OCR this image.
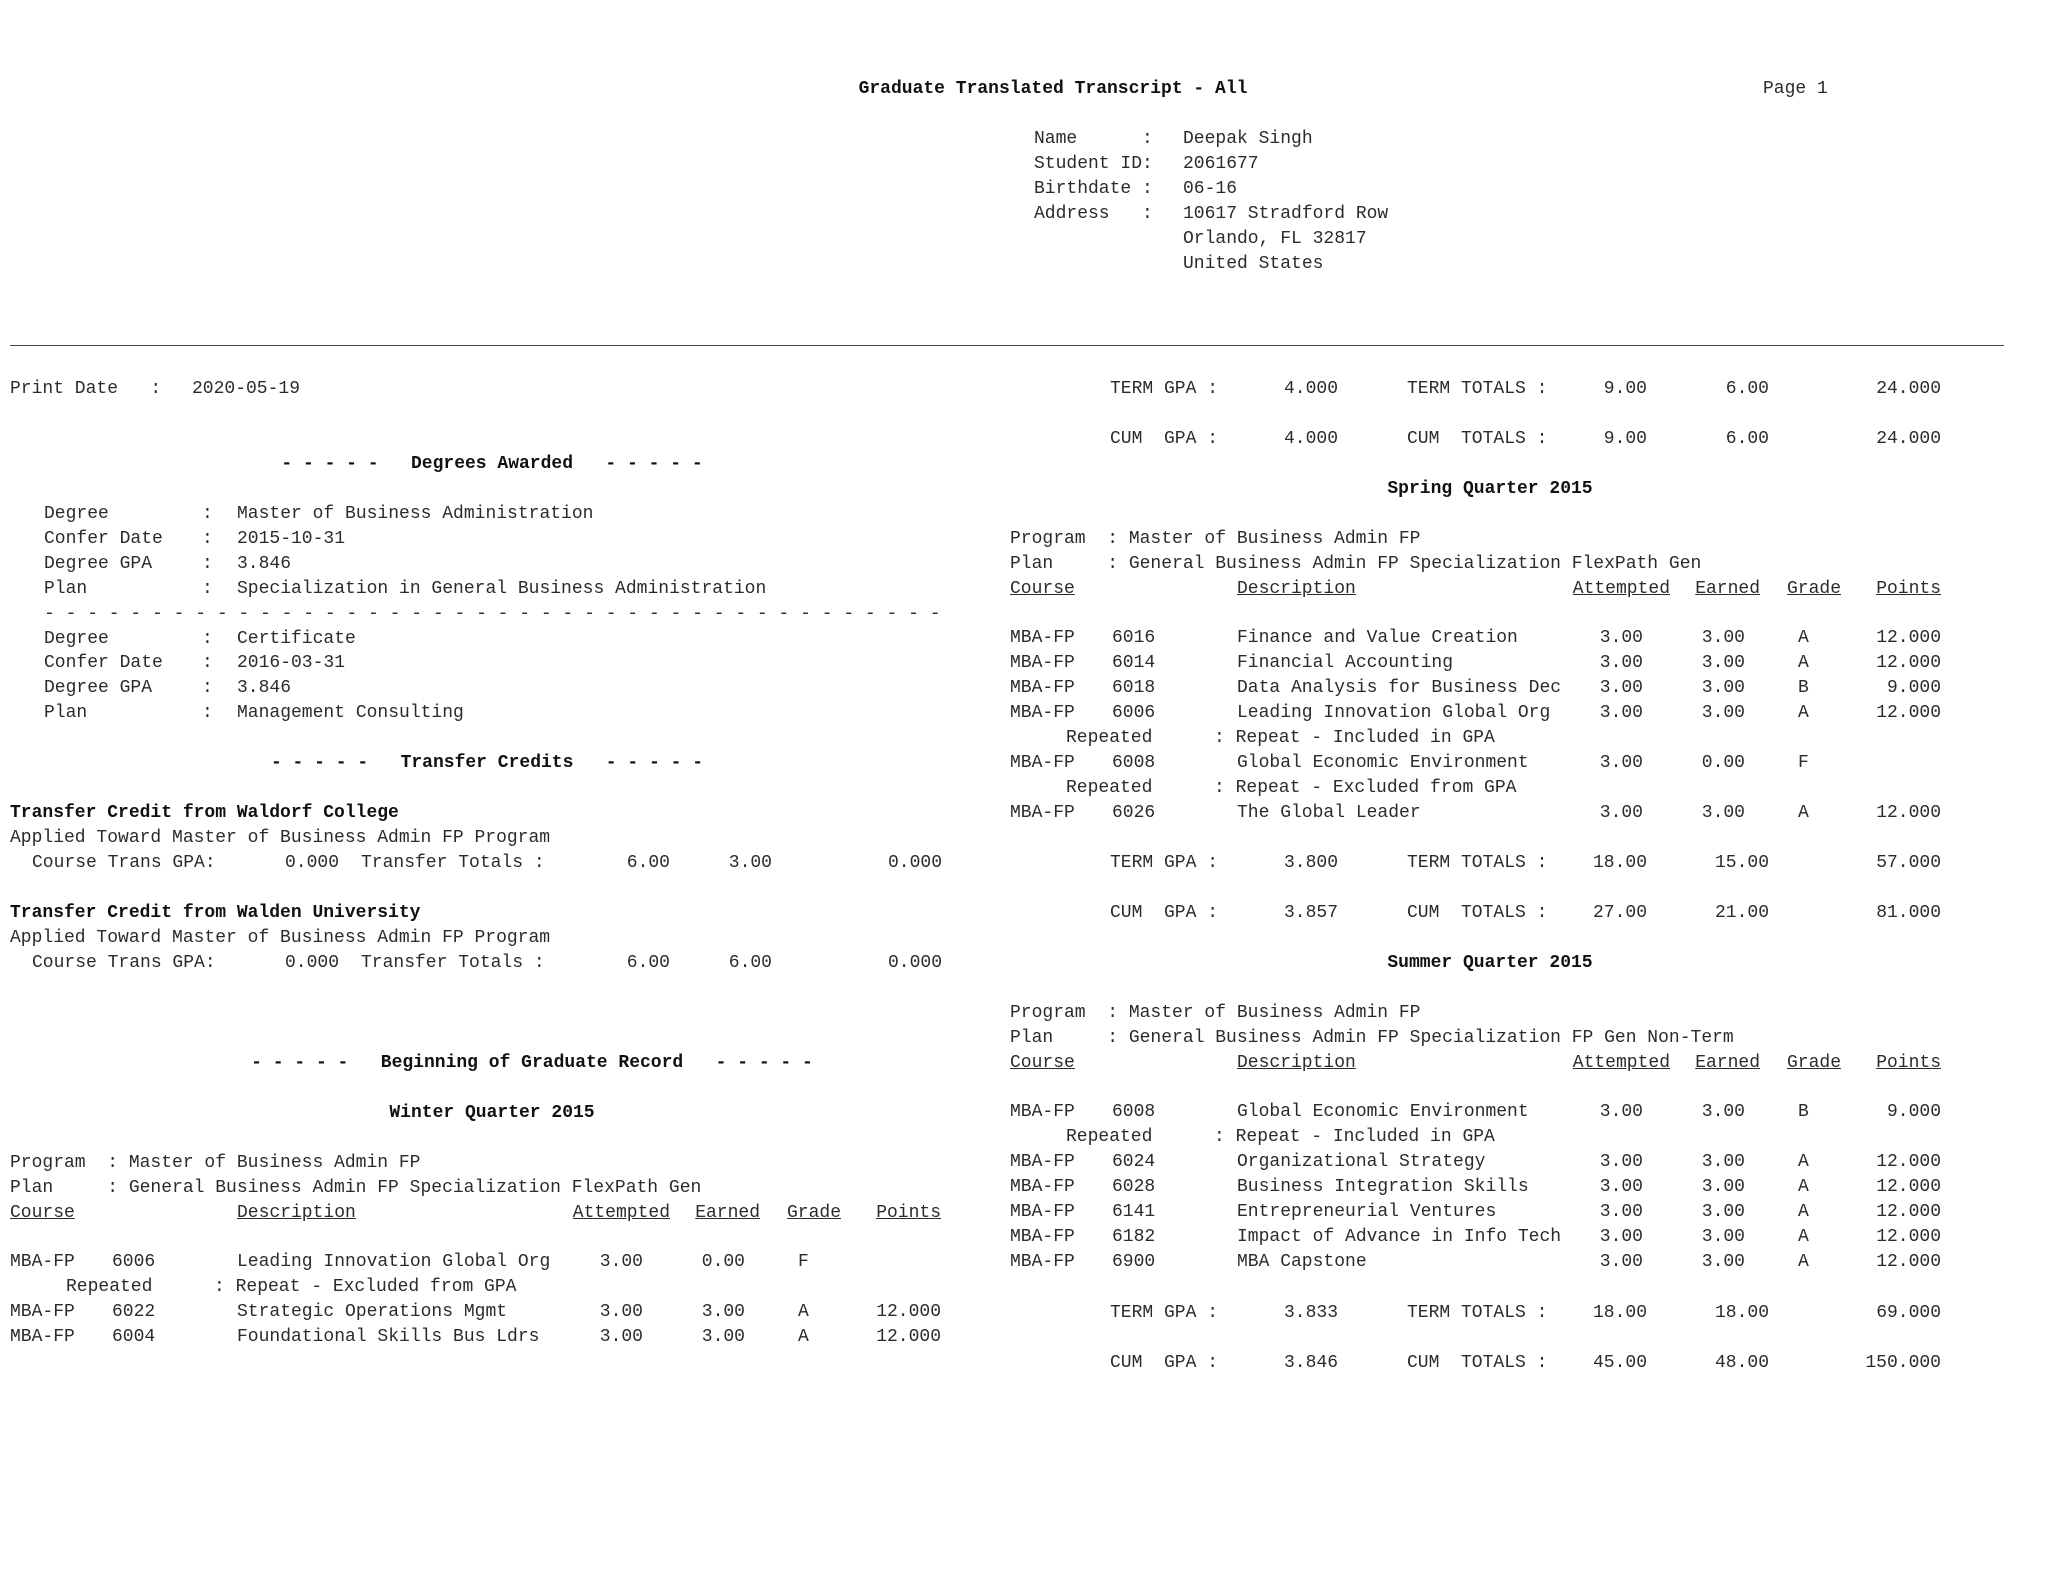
Graduate Translated Transcript - All	Page 1
Name      : Deepak Singh
Student ID: 2061677
Birthdate : 06-16
Address   : 10617 Stradford Row
Orlando, FL 32817
United States
Print Date   : 2020-05-19
- - - - -   Degrees Awarded   - - - - -
Degree	: Master of Business Administration
Confer Date : 2015-10-31
Degree GPA	: 3.846
Plan	: Specialization in General Business Administration
- - - - - - - - - - - - - - - - - - - - - - - - - - - - - - - - - - - - - - - - - -
Degree	: Certificate
Confer Date : 2016-03-31
Degree GPA	: 3.846
Plan	: Management Consulting
- - - - -   Transfer Credits   - - - - -
Transfer Credit from Waldorf College
Applied Toward Master of Business Admin FP Program
Course Trans GPA:	0.000 Transfer Totals :	6.00	3.00	0.000
Transfer Credit from Walden University
Applied Toward Master of Business Admin FP Program
Course Trans GPA:	0.000 Transfer Totals :	6.00	6.00	0.000
- - - - -   Beginning of Graduate Record   - - - - -
Winter Quarter 2015
Program  : Master of Business Admin FP
Plan     : General Business Admin FP Specialization FlexPath Gen
Course	Description	Attempted	Earned	Grade	Points
MBA-FP 6006	Leading Innovation Global Org	3.00	0.00	F
Repeated	: Repeat - Excluded from GPA
MBA-FP 6022	Strategic Operations Mgmt	3.00	3.00	A	12.000
MBA-FP 6004	Foundational Skills Bus Ldrs	3.00	3.00	A	12.000
TERM GPA :	4.000	TERM TOTALS :	9.00	6.00	24.000
CUM  GPA :	4.000	CUM  TOTALS :	9.00	6.00	24.000
Spring Quarter 2015
Program  : Master of Business Admin FP
Plan     : General Business Admin FP Specialization FlexPath Gen
Course	Description	Attempted	Earned	Grade	Points
MBA-FP 6016	Finance and Value Creation	3.00	3.00	A	12.000
MBA-FP 6014	Financial Accounting	3.00	3.00	A	12.000
MBA-FP 6018	Data Analysis for Business Dec	3.00	3.00	B	9.000
MBA-FP 6006	Leading Innovation Global Org	3.00	3.00	A	12.000
Repeated	: Repeat - Included in GPA
MBA-FP 6008	Global Economic Environment	3.00	0.00	F
Repeated	: Repeat - Excluded from GPA
MBA-FP 6026	The Global Leader	3.00	3.00	A	12.000
TERM GPA :	3.800	TERM TOTALS :	18.00	15.00	57.000
CUM  GPA :	3.857	CUM  TOTALS :	27.00	21.00	81.000
Summer Quarter 2015
Program  : Master of Business Admin FP
Plan     : General Business Admin FP Specialization FP Gen Non-Term
Course	Description	Attempted	Earned	Grade	Points
MBA-FP 6008	Global Economic Environment	3.00	3.00	B	9.000
Repeated	: Repeat - Included in GPA
MBA-FP 6024	Organizational Strategy	3.00	3.00	A	12.000
MBA-FP 6028	Business Integration Skills	3.00	3.00	A	12.000
MBA-FP 6141	Entrepreneurial Ventures	3.00	3.00	A	12.000
MBA-FP 6182	Impact of Advance in Info Tech	3.00	3.00	A	12.000
MBA-FP 6900	MBA Capstone	3.00	3.00	A	12.000
TERM GPA :	3.833	TERM TOTALS :	18.00	18.00	69.000
CUM  GPA :	3.846	CUM  TOTALS :	45.00	48.00	150.000
